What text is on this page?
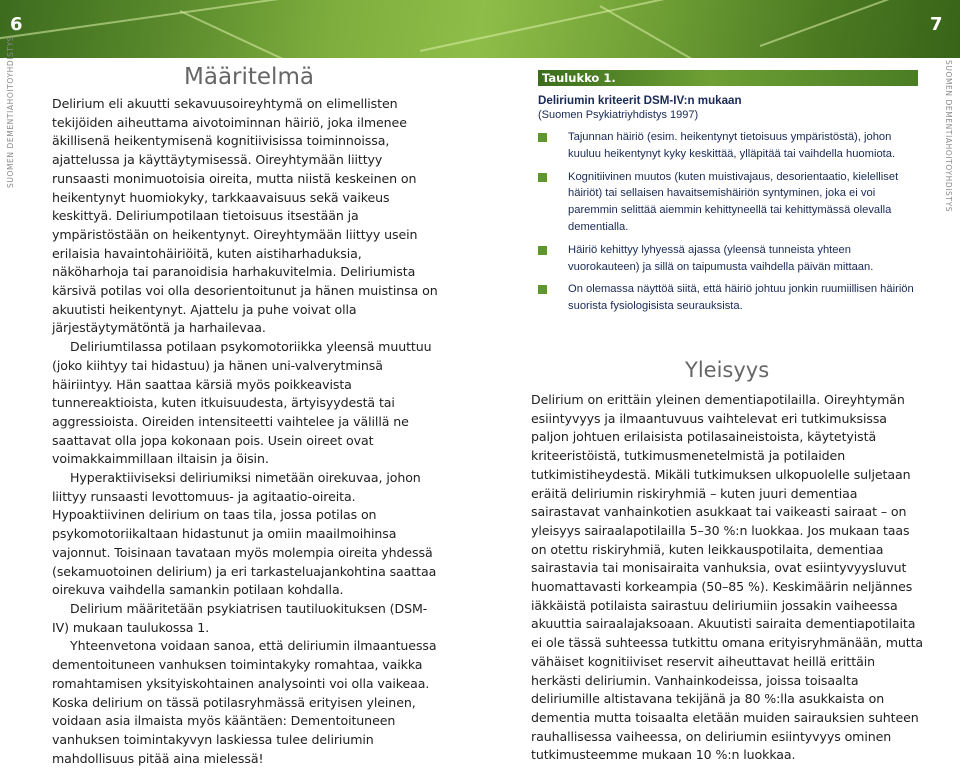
6	7
SUOMEN DEMENTIAHOITOYHDISTYS	SUOMEN DEMENTIAHOITOYHDISTYS
Määritelmä

Delirium eli akuutti sekavuusoireyhtymä on elimellisten tekijöiden aiheuttama aivotoiminnan häiriö, joka ilmenee äkillisenä heikentymisenä kognitiivisissa toiminnoissa, ajattelussa ja käyttäytymisessä. Oireyhtymään liittyy runsaasti monimuotoisia oireita, mutta niistä keskeinen on heikentynyt huomiokyky, tarkkaavaisuus sekä vaikeus keskittyä. Deliriumpotilaan tietoisuus itsestään ja ympäristöstään on heikentynyt. Oireyhtymään liittyy usein erilaisia havaintohäiriöitä, kuten aistiharhaduksia, näköharhoja tai paranoidisia harhakuvitelmia. Deliriumista kärsivä potilas voi olla desorientoitunut ja hänen muistinsa on akuutisti heikentynyt. Ajattelu ja puhe voivat olla järjestäytymätöntä ja harhailevaa.

Deliriumtilassa potilaan psykomotoriikka yleensä muuttuu (joko kiihtyy tai hidastuu) ja hänen uni-valverytminsä häiriintyy. Hän saattaa kärsiä myös poikkeavista tunnereaktioista, kuten itkuisuudesta, ärtyisyydestä tai aggressioista. Oireiden intensiteetti vaihtelee ja välillä ne saattavat olla jopa kokonaan pois. Usein oireet ovat voimakkaimmillaan iltaisin ja öisin.

Hyperaktiiviseksi deliriumiksi nimetään oirekuvaa, johon liittyy runsaasti levottomuus- ja agitaatio-oireita. Hypoaktiivinen delirium on taas tila, jossa potilas on psykomotoriikaltaan hidastunut ja omiin maailmoihinsa vajonnut. Toisinaan tavataan myös molempia oireita yhdessä (sekamuotoinen delirium) ja eri tarkasteluajankohtina saattaa oirekuva vaihdella samankin potilaan kohdalla.

Delirium määritetään psykiatrisen tautiluokituksen (DSM-IV) mukaan taulukossa 1.

Yhteenvetona voidaan sanoa, että deliriumin ilmaantuessa dementoituneen vanhuksen toimintakyky romahtaa, vaikka romahtamisen yksityiskohtainen analysointi voi olla vaikeaa. Koska delirium on tässä potilasryhmässä erityisen yleinen, voidaan asia ilmaista myös kääntäen: Dementoituneen vanhuksen toimintakyvyn laskiessa tulee deliriumin mahdollisuus pitää aina mielessä!

Taulukko 1.
Deliriumin kriteerit DSM-IV:n mukaan
(Suomen Psykiatriyhdistys 1997)
Tajunnan häiriö (esim. heikentynyt tietoisuus ympäristöstä), johon kuuluu heikentynyt kyky keskittää, ylläpitää tai vaihdella huomiota.
Kognitiivinen muutos (kuten muistivajaus, desorientaatio, kielelliset häiriöt) tai sellaisen havaitsemishäiriön syntyminen, joka ei voi paremmin selittää aiemmin kehittyneellä tai kehittymässä olevalla dementialla.
Häiriö kehittyy lyhyessä ajassa (yleensä tunneista yhteen vuorokauteen) ja sillä on taipumusta vaihdella päivän mittaan.
On olemassa näyttöä siitä, että häiriö johtuu jonkin ruumiillisen häiriön suorista fysiologisista seurauksista.
Yleisyys

Delirium on erittäin yleinen dementiapotilailla. Oireyhtymän esiintyvyys ja ilmaantuvuus vaihtelevat eri tutkimuksissa paljon johtuen erilaisista potilasaineistoista, käytetyistä kriteeristöistä, tutkimusmenetelmistä ja potilaiden tutkimistiheydestä. Mikäli tutkimuksen ulkopuolelle suljetaan eräitä deliriumin riskiryhmiä – kuten juuri dementiaa sairastavat vanhainkotien asukkaat tai vaikeasti sairaat – on yleisyys sairaalapotilailla 5–30 %:n luokkaa. Jos mukaan taas on otettu riskiryhmiä, kuten leikkauspotilaita, dementiaa sairastavia tai monisairaita vanhuksia, ovat esiintyvyysluvut huomattavasti korkeampia (50–85 %). Keskimäärin neljännes iäkkäistä potilaista sairastuu deliriumiin jossakin vaiheessa akuuttia sairaalajaksoaan. Akuutisti sairaita dementiapotilaita ei ole tässä suhteessa tutkittu omana erityisryhmänään, mutta vähäiset kognitiiviset reservit aiheuttavat heillä erittäin herkästi deliriumin. Vanhainkodeissa, joissa toisaalta deliriumille altistavana tekijänä ja 80 %:lla asukkaista on dementia mutta toisaalta eletään muiden sairauksien suhteen rauhallisessa vaiheessa, on deliriumin esiintyvyys ominen tutkimusteemme mukaan 10 %:n luokkaa.
